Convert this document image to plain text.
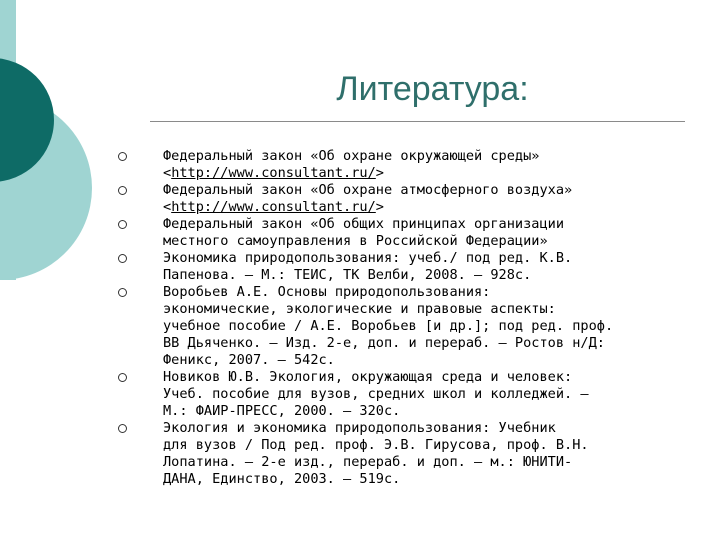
Литература:
Федеральный закон «Об охране окружающей среды»
<http://www.consultant.ru/>
Федеральный закон «Об охране атмосферного воздуха»
<http://www.consultant.ru/>
Федеральный закон «Об общих принципах организации
местного самоуправления в Российской Федерации»
Экономика природопользования: учеб./ под ред. К.В.
Папенова. – М.: ТЕИС, ТК Велби, 2008. – 928с.
Воробьев А.Е. Основы природопользования:
экономические, экологические и правовые аспекты:
учебное пособие / А.Е. Воробьев [и др.]; под ред. проф.
ВВ Дьяченко. – Изд. 2-е, доп. и перераб. – Ростов н/Д:
Феникс, 2007. – 542с.
Новиков Ю.В. Экология, окружающая среда и человек:
Учеб. пособие для вузов, средних школ и колледжей. –
М.: ФАИР-ПРЕСС, 2000. – 320с.
Экология и экономика природопользования: Учебник
для вузов / Под ред. проф. Э.В. Гирусова, проф. В.Н.
Лопатина. – 2-е изд., перераб. и доп. – м.: ЮНИТИ-
ДАНА, Единство, 2003. – 519с.
